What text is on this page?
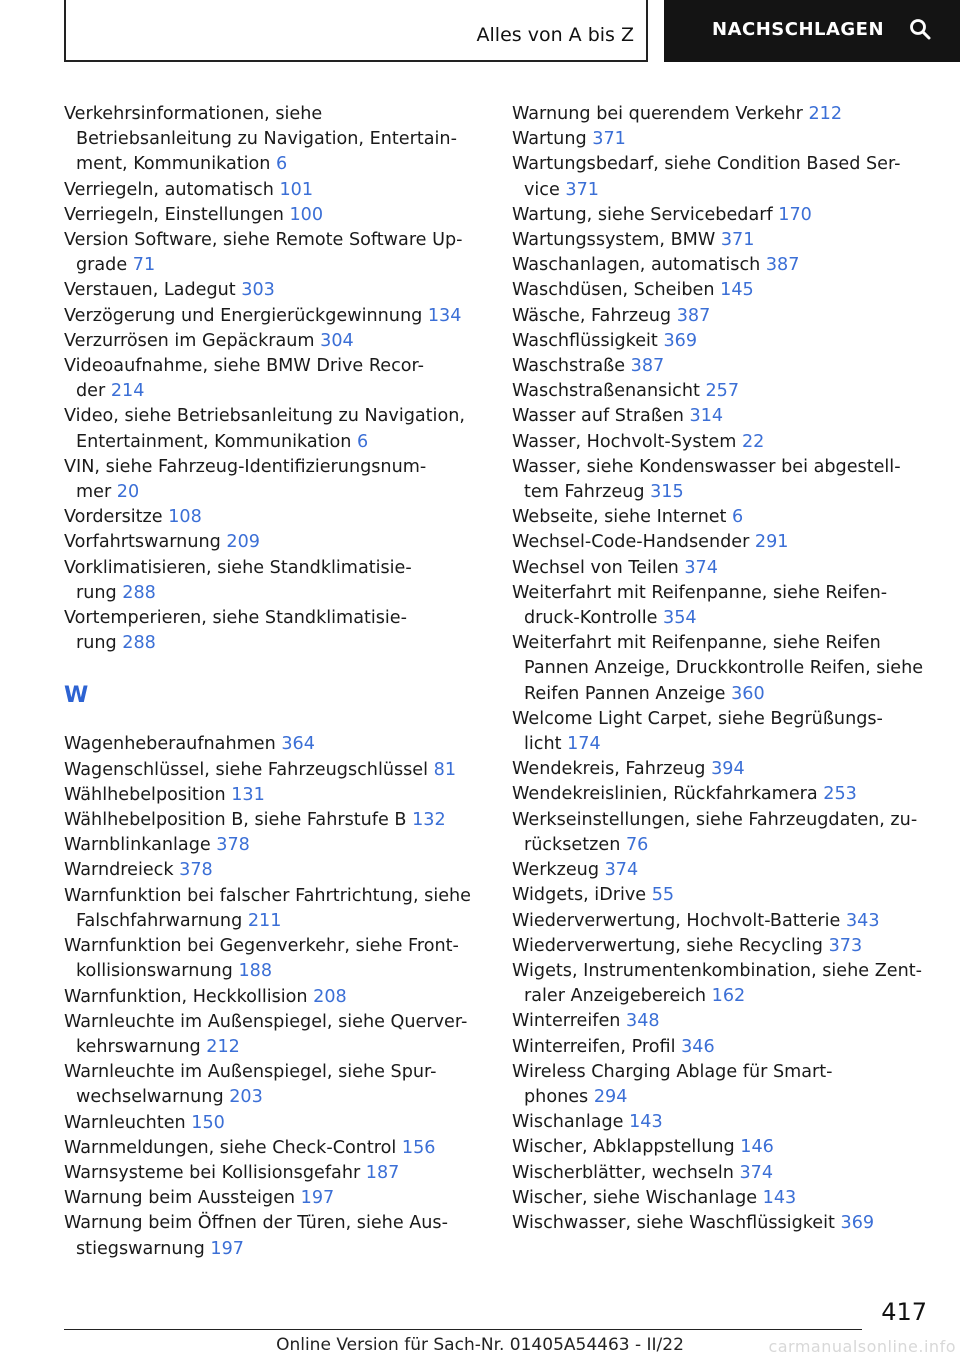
Alles von A bis Z	NACHSCHLAGEN
Verkehrsinformationen, siehe
Betriebsanleitung zu Navigation, Entertain-
ment, Kommunikation 6
Verriegeln, automatisch 101
Verriegeln, Einstellungen 100
Version Software, siehe Remote Software Up-
grade 71
Verstauen, Ladegut 303
Verzögerung und Energierückgewinnung 134
Verzurrösen im Gepäckraum 304
Videoaufnahme, siehe BMW Drive Recor-
der 214
Video, siehe Betriebsanleitung zu Navigation,
Entertainment, Kommunikation 6
VIN, siehe Fahrzeug-Identifizierungsnum-
mer 20
Vordersitze 108
Vorfahrtswarnung 209
Vorklimatisieren, siehe Standklimatisie-
rung 288
Vortemperieren, siehe Standklimatisie-
rung 288
W
Wagenheberaufnahmen 364
Wagenschlüssel, siehe Fahrzeugschlüssel 81
Wählhebelposition 131
Wählhebelposition B, siehe Fahrstufe B 132
Warnblinkanlage 378
Warndreieck 378
Warnfunktion bei falscher Fahrtrichtung, siehe
Falschfahrwarnung 211
Warnfunktion bei Gegenverkehr, siehe Front-
kollisionswarnung 188
Warnfunktion, Heckkollision 208
Warnleuchte im Außenspiegel, siehe Querver-
kehrswarnung 212
Warnleuchte im Außenspiegel, siehe Spur-
wechselwarnung 203
Warnleuchten 150
Warnmeldungen, siehe Check-Control 156
Warnsysteme bei Kollisionsgefahr 187
Warnung beim Aussteigen 197
Warnung beim Öffnen der Türen, siehe Aus-
stiegswarnung 197
Warnung bei querendem Verkehr 212
Wartung 371
Wartungsbedarf, siehe Condition Based Ser-
vice 371
Wartung, siehe Servicebedarf 170
Wartungssystem, BMW 371
Waschanlagen, automatisch 387
Waschdüsen, Scheiben 145
Wäsche, Fahrzeug 387
Waschflüssigkeit 369
Waschstraße 387
Waschstraßenansicht 257
Wasser auf Straßen 314
Wasser, Hochvolt-System 22
Wasser, siehe Kondenswasser bei abgestell-
tem Fahrzeug 315
Webseite, siehe Internet 6
Wechsel-Code-Handsender 291
Wechsel von Teilen 374
Weiterfahrt mit Reifenpanne, siehe Reifen-
druck-Kontrolle 354
Weiterfahrt mit Reifenpanne, siehe Reifen
Pannen Anzeige, Druckkontrolle Reifen, siehe
Reifen Pannen Anzeige 360
Welcome Light Carpet, siehe Begrüßungs-
licht 174
Wendekreis, Fahrzeug 394
Wendekreislinien, Rückfahrkamera 253
Werkseinstellungen, siehe Fahrzeugdaten, zu-
rücksetzen 76
Werkzeug 374
Widgets, iDrive 55
Wiederverwertung, Hochvolt-Batterie 343
Wiederverwertung, siehe Recycling 373
Wigets, Instrumentenkombination, siehe Zent-
raler Anzeigebereich 162
Winterreifen 348
Winterreifen, Profil 346
Wireless Charging Ablage für Smart-
phones 294
Wischanlage 143
Wischer, Abklappstellung 146
Wischerblätter, wechseln 374
Wischer, siehe Wischanlage 143
Wischwasser, siehe Waschflüssigkeit 369
417
Online Version für Sach-Nr. 01405A54463 - II/22	carmanualsonline.info
